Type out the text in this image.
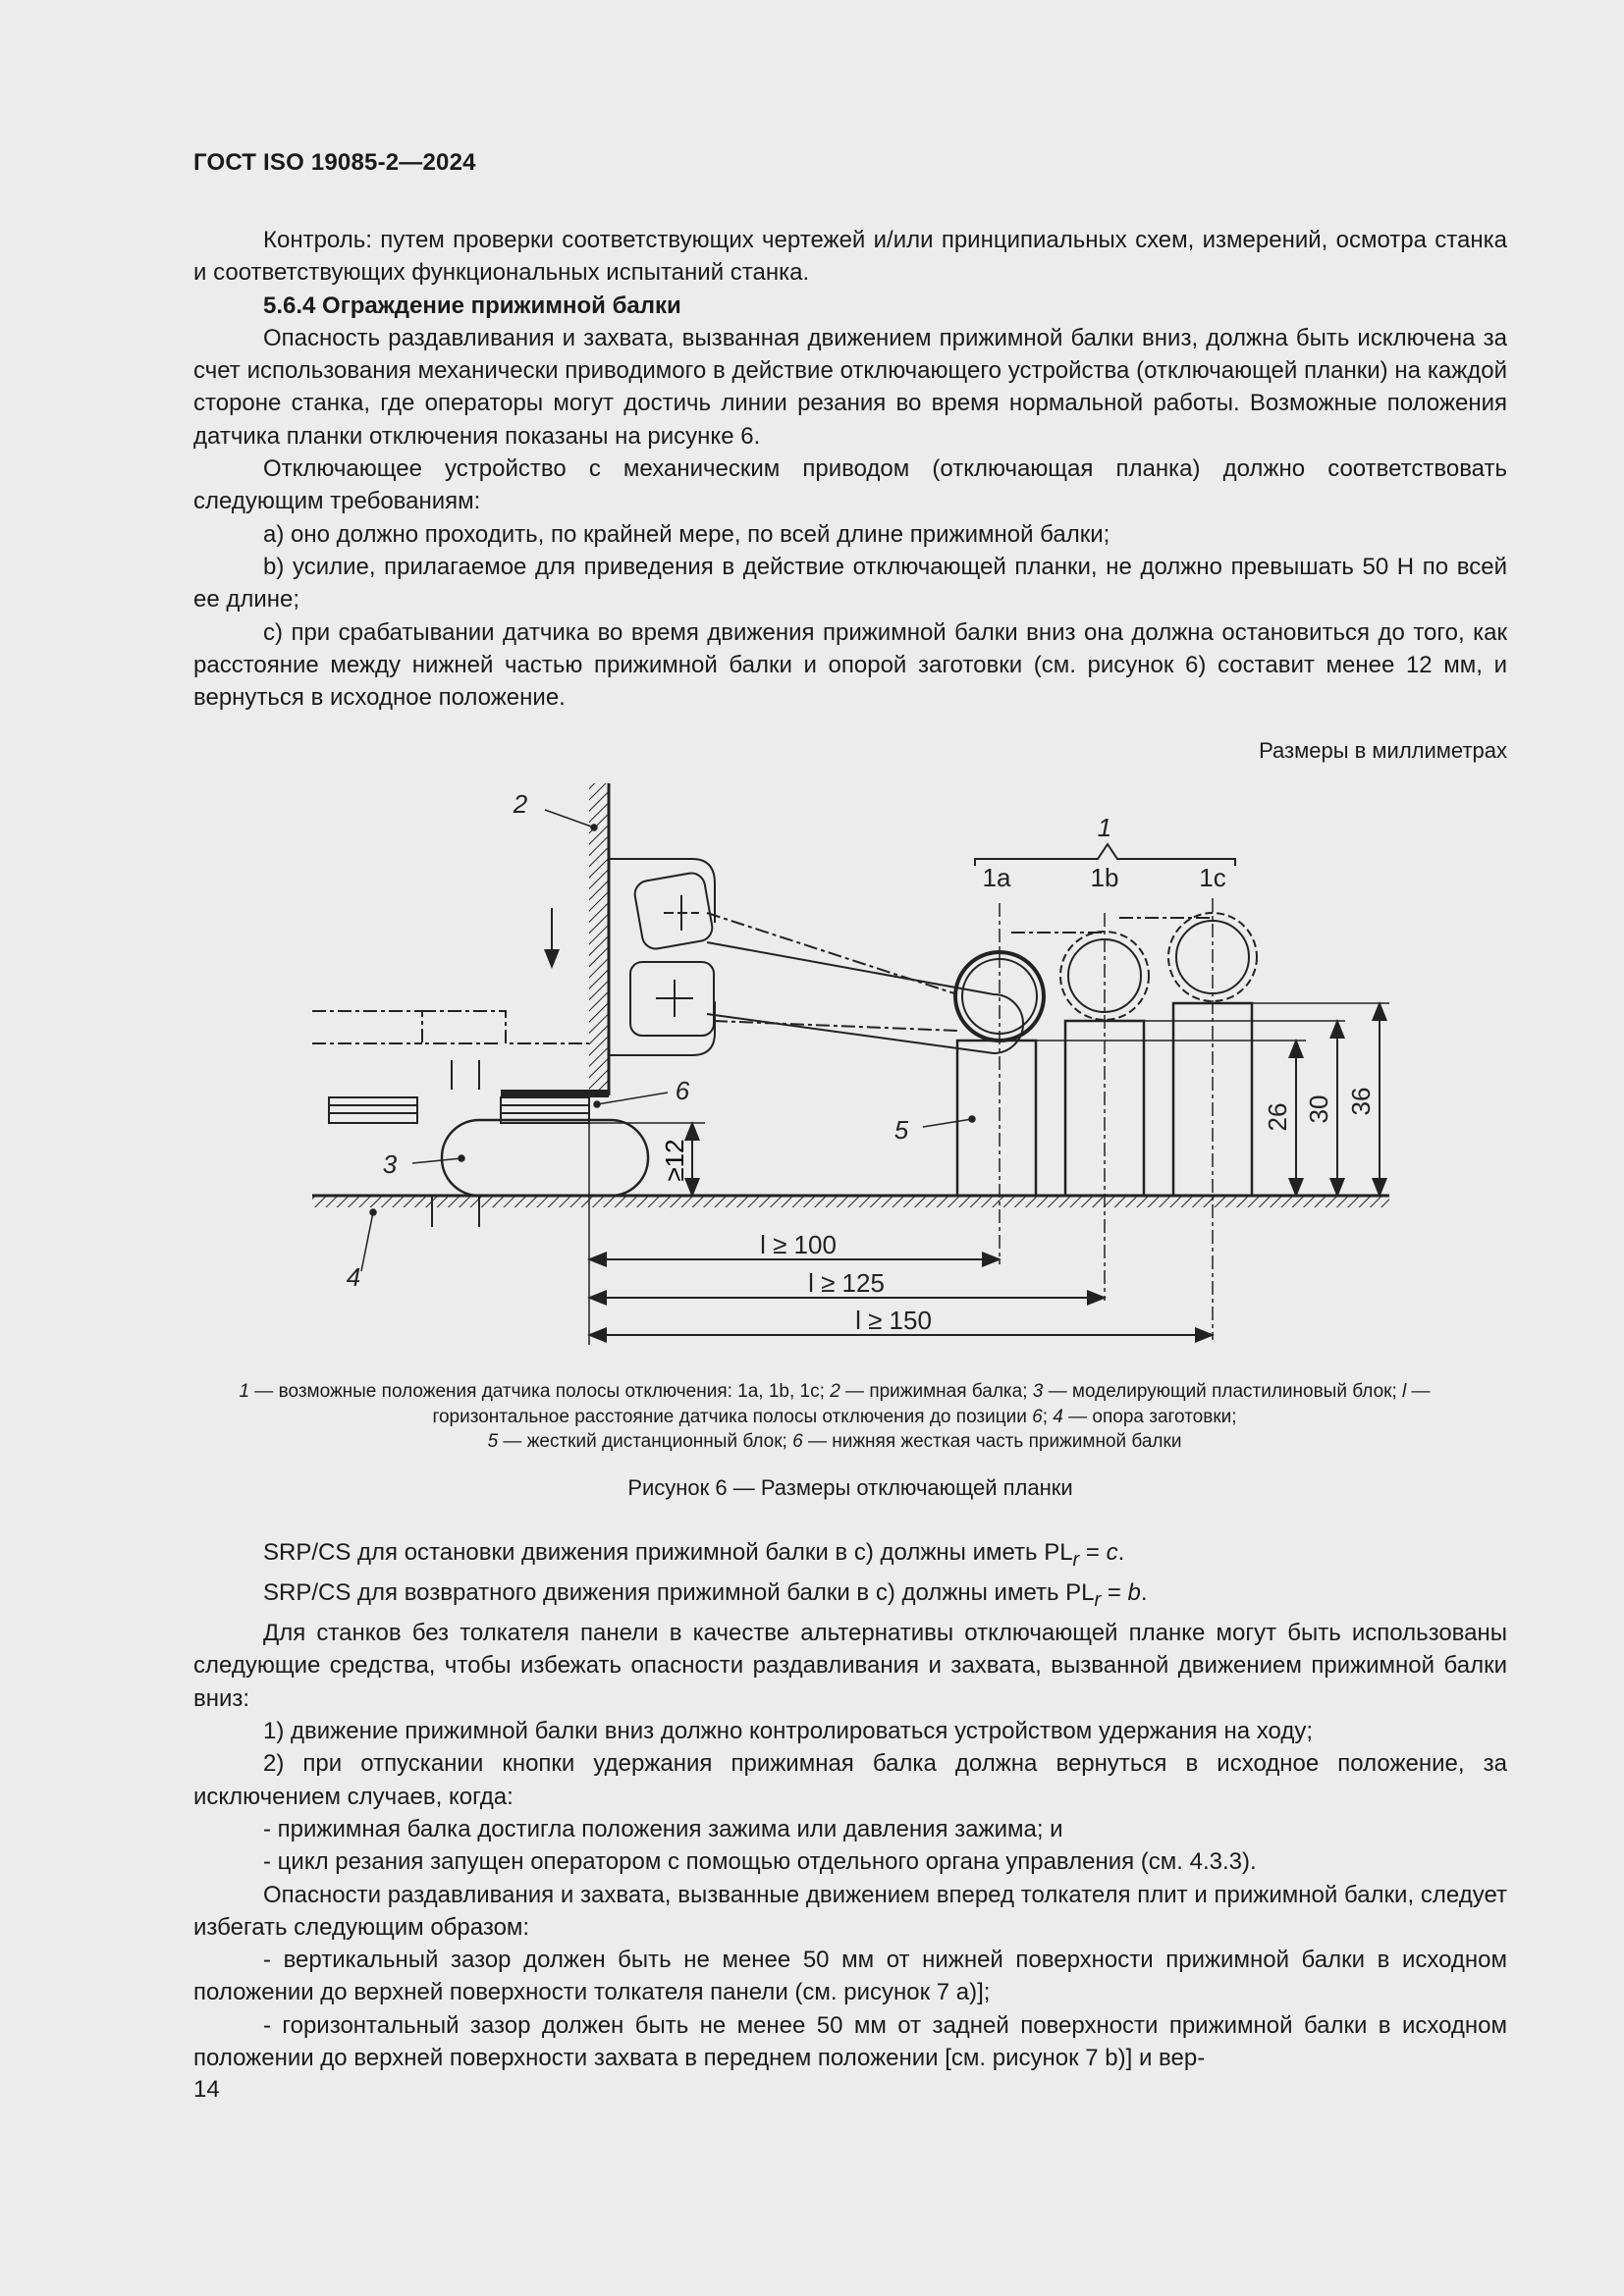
ГОСТ ISO 19085-2—2024

Контроль: путем проверки соответствующих чертежей и/или принципиальных схем, измерений, осмотра станка и соответствующих функциональных испытаний станка.

5.6.4 Ограждение прижимной балки

Опасность раздавливания и захвата, вызванная движением прижимной балки вниз, должна быть исключена за счет использования механически приводимого в действие отключающего устройства (отключающей планки) на каждой стороне станка, где операторы могут достичь линии резания во время нормальной работы. Возможные положения датчика планки отключения показаны на рисунке 6.

Отключающее устройство с механическим приводом (отключающая планка) должно соответствовать следующим требованиям:

a) оно должно проходить, по крайней мере, по всей длине прижимной балки;

b) усилие, прилагаемое для приведения в действие отключающей планки, не должно превышать 50 Н по всей ее длине;

c) при срабатывании датчика во время движения прижимной балки вниз она должна остановиться до того, как расстояние между нижней частью прижимной балки и опорой заготовки (см. рисунок 6) составит менее 12 мм, и вернуться в исходное положение.

Размеры в миллиметрах
≥12
26 30 36
l ≥ 100
l ≥ 125
l ≥ 150
1
1a	1b	1c
2
3
4
5
6
1 — возможные положения датчика полосы отключения: 1a, 1b, 1c; 2 — прижимная балка; 3 — моделирующий пластилиновый блок; l — горизонтальное расстояние датчика полосы отключения до позиции 6; 4 — опора заготовки;
5 — жесткий дистанционный блок; 6 — нижняя жесткая часть прижимной балки
Рисунок 6 — Размеры отключающей планки

SRP/CS для остановки движения прижимной балки в c) должны иметь $PL_r = c$.

SRP/CS для возвратного движения прижимной балки в c) должны иметь $PL_r = b$.

Для станков без толкателя панели в качестве альтернативы отключающей планке могут быть использованы следующие средства, чтобы избежать опасности раздавливания и захвата, вызванной движением прижимной балки вниз:

1) движение прижимной балки вниз должно контролироваться устройством удержания на ходу;

2) при отпускании кнопки удержания прижимная балка должна вернуться в исходное положение, за исключением случаев, когда:

- прижимная балка достигла положения зажима или давления зажима; и

- цикл резания запущен оператором с помощью отдельного органа управления (см. 4.3.3).

Опасности раздавливания и захвата, вызванные движением вперед толкателя плит и прижимной балки, следует избегать следующим образом:

- вертикальный зазор должен быть не менее 50 мм от нижней поверхности прижимной балки в исходном положении до верхней поверхности толкателя панели (см. рисунок 7 a)];

- горизонтальный зазор должен быть не менее 50 мм от задней поверхности прижимной балки в исходном положении до верхней поверхности захвата в переднем положении [см. рисунок 7 b)] и вер-

14
